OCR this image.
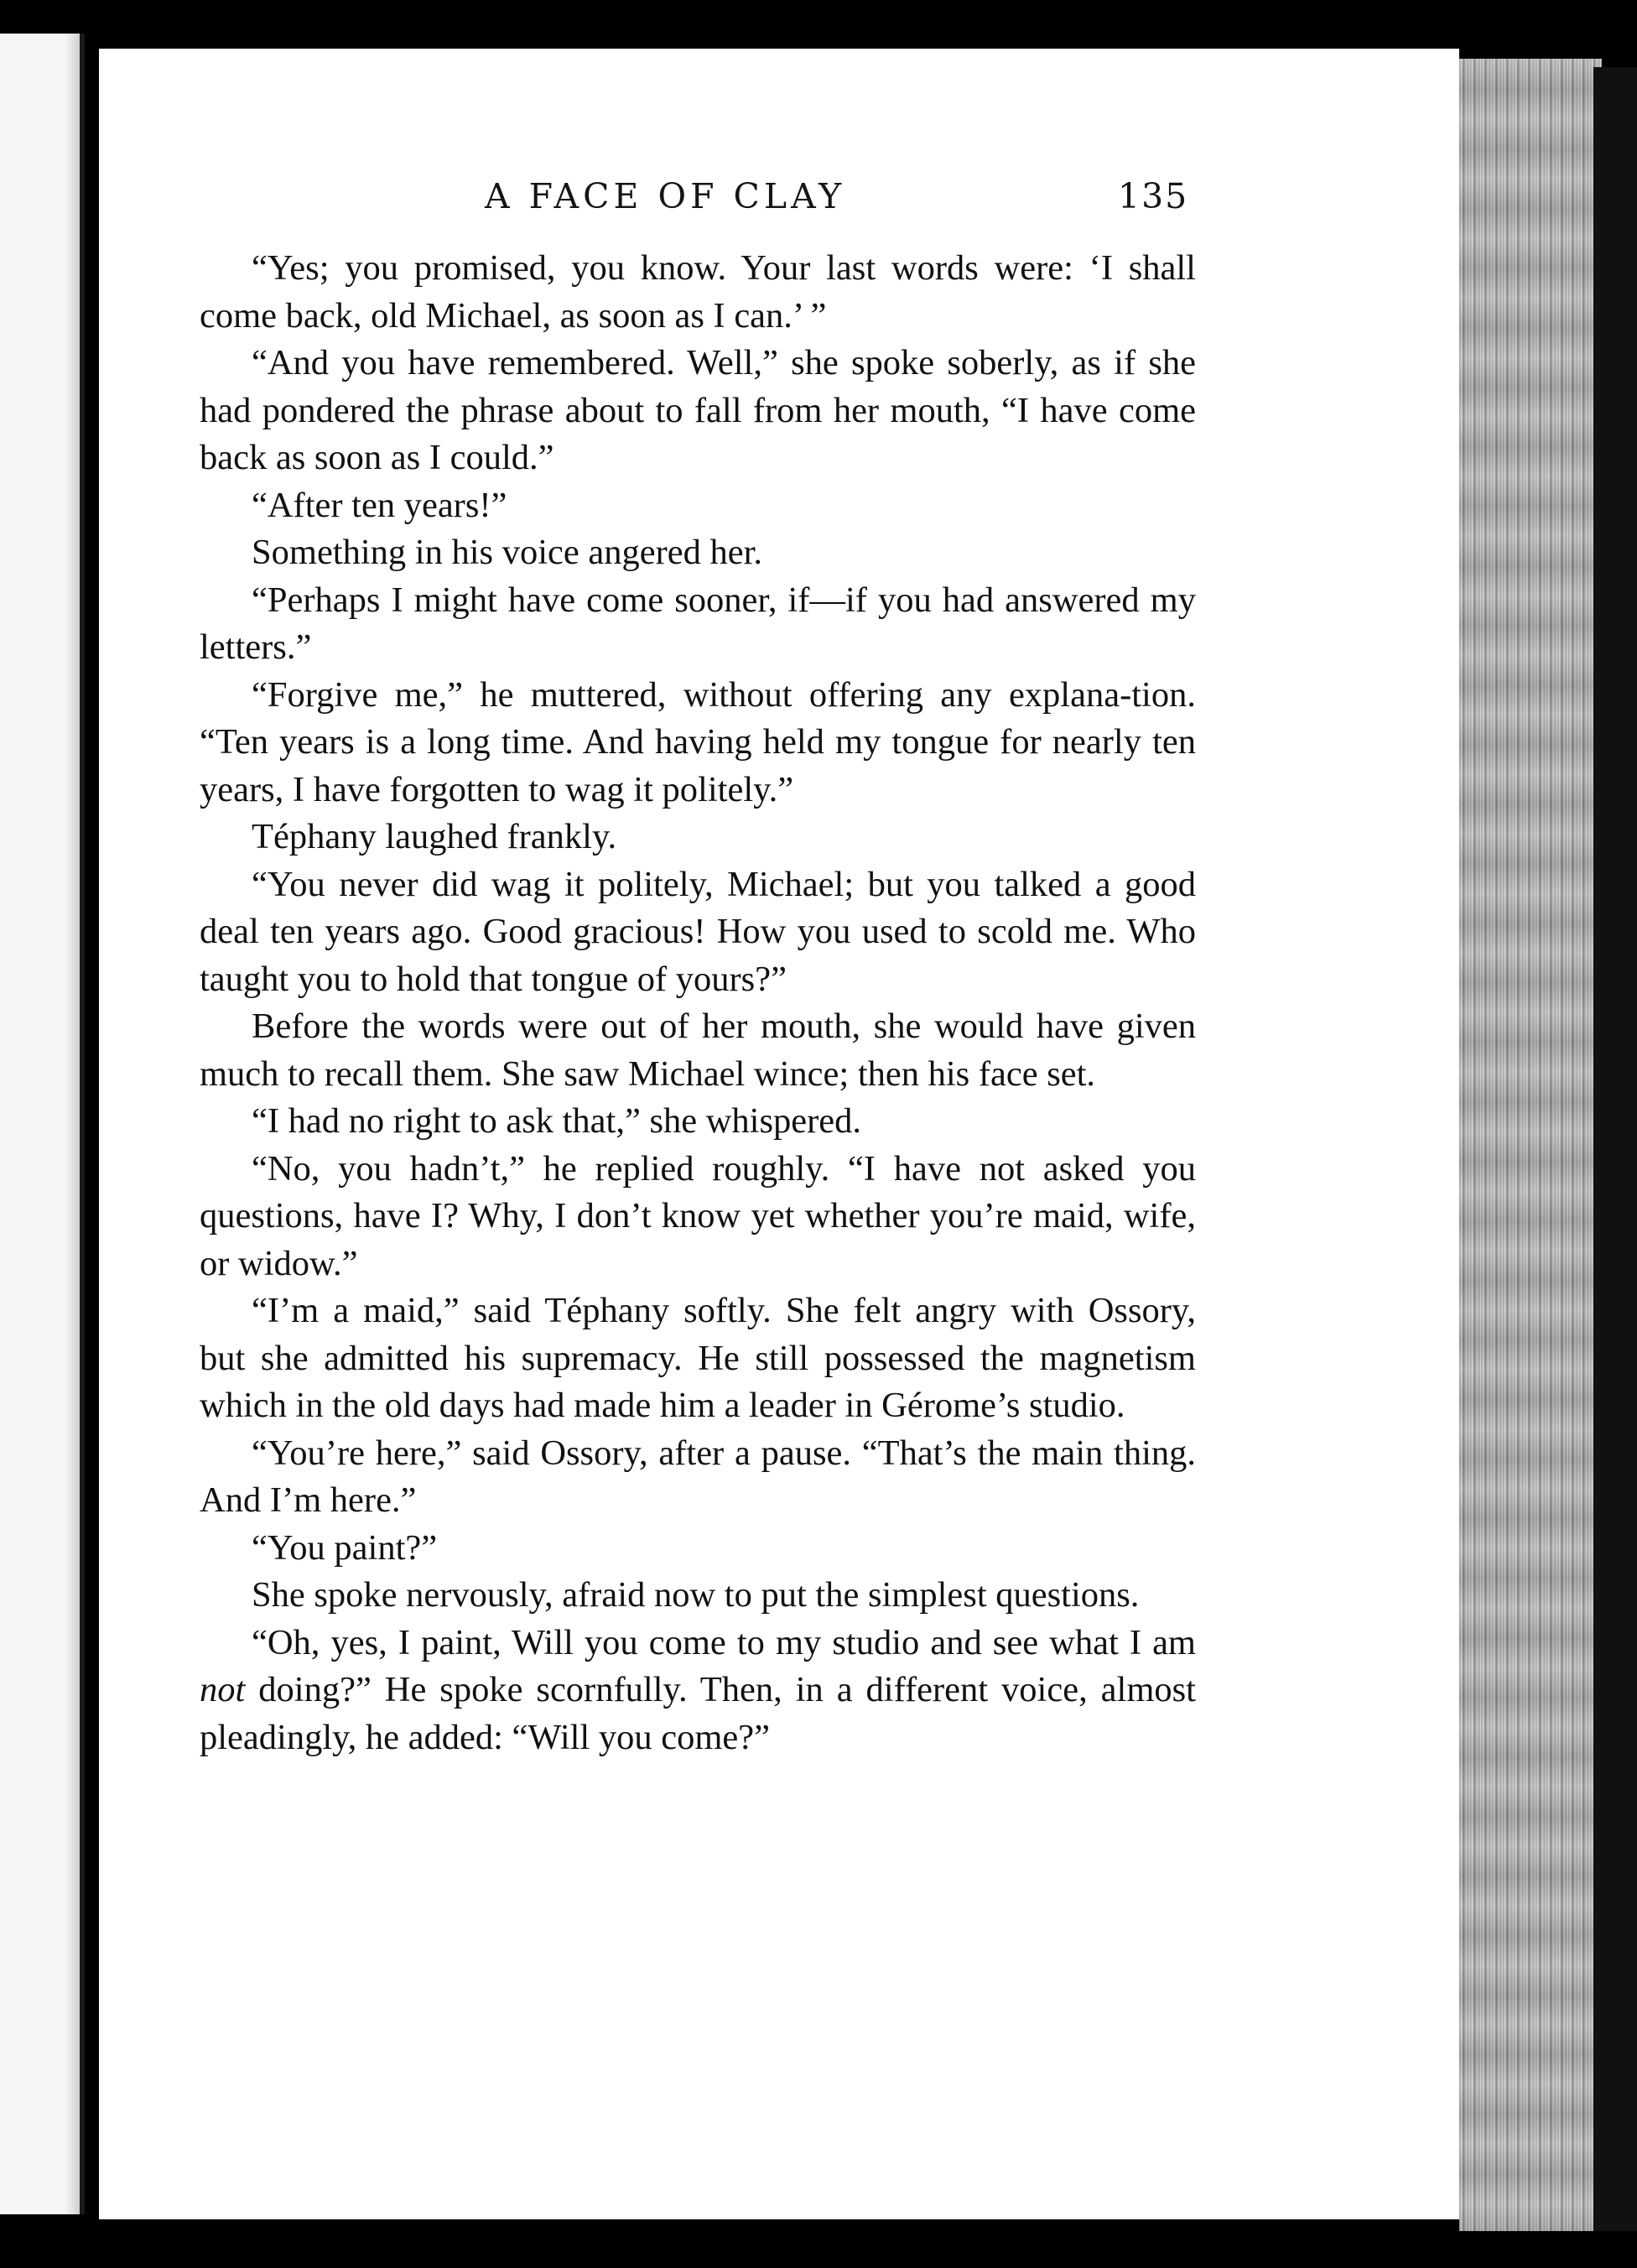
A FACE OF CLAY	135

“Yes; you promised, you know. Your last words were: ‘I shall come back, old Michael, as soon as I can.’ ”

“And you have remembered. Well,” she spoke soberly, as if she had pondered the phrase about to fall from her mouth, “I have come back as soon as I could.”

“After ten years!”

Something in his voice angered her.

“Perhaps I might have come sooner, if—if you had answered my letters.”

“Forgive me,” he muttered, without offering any explana-tion. “Ten years is a long time. And having held my tongue for nearly ten years, I have forgotten to wag it politely.”

Téphany laughed frankly.

“You never did wag it politely, Michael; but you talked a good deal ten years ago. Good gracious! How you used to scold me. Who taught you to hold that tongue of yours?”

Before the words were out of her mouth, she would have given much to recall them. She saw Michael wince; then his face set.

“I had no right to ask that,” she whispered.

“No, you hadn’t,” he replied roughly. “I have not asked you questions, have I? Why, I don’t know yet whether you’re maid, wife, or widow.”

“I’m a maid,” said Téphany softly. She felt angry with Ossory, but she admitted his supremacy. He still possessed the magnetism which in the old days had made him a leader in Gérome’s studio.

“You’re here,” said Ossory, after a pause. “That’s the main thing. And I’m here.”

“You paint?”

She spoke nervously, afraid now to put the simplest questions.

“Oh, yes, I paint, Will you come to my studio and see what I am not doing?” He spoke scornfully. Then, in a different voice, almost pleadingly, he added: “Will you come?”
